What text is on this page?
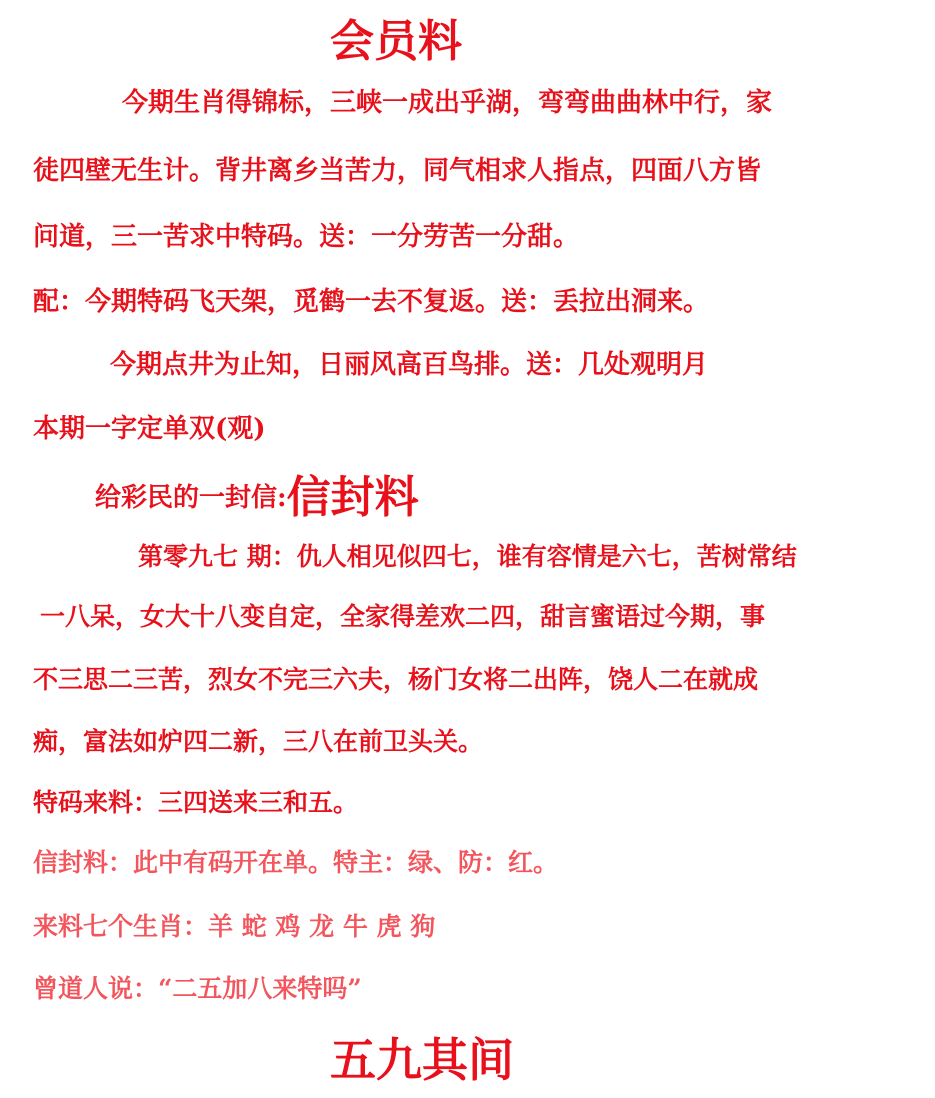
会员料
今期生肖得锦标，三峡一成出乎湖，弯弯曲曲林中行，家
徒四壁无生计。背井离乡当苦力，同气相求人指点，四面八方皆
问道，三一苦求中特码。送：一分劳苦一分甜。
配：今期特码飞天架，觅鹤一去不复返。送：丢拉出洞来。
今期点井为止知，日丽风高百鸟排。送：几处观明月
本期一字定单双(观)
给彩民的一封信:信封料
第零九七 期：仇人相见似四七，谁有容情是六七，苦树常结
一八呆，女大十八变自定，全家得差欢二四，甜言蜜语过今期，事
不三思二三苦，烈女不完三六夫，杨门女将二出阵，饶人二在就成
痴，富法如炉四二新，三八在前卫头关。
特码来料：三四送来三和五。
信封料：此中有码开在单。特主：绿、防：红。
来料七个生肖：羊 蛇 鸡 龙 牛 虎 狗
曾道人说：“二五加八来特吗”
五九其间
